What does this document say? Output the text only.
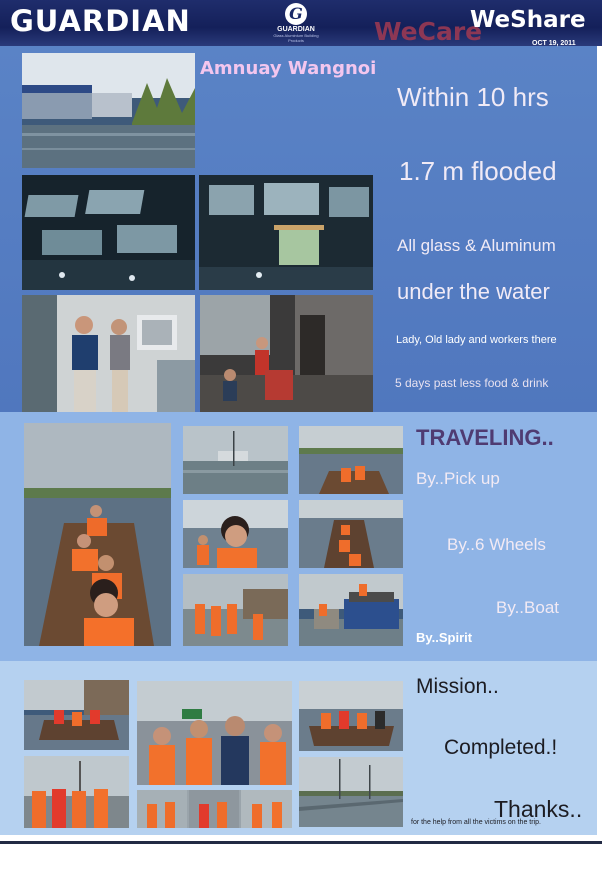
GUARDIAN	G
GUARDIAN
Glass Aluminium Building Products	WeCare
WeShare
OCT 19, 2011
Amnuay Wangnoi
Within 10 hrs
1.7 m flooded
All glass & Aluminum
under the water
Lady, Old lady and workers there
5 days past less food & drink
TRAVELING..
By..Pick up
By..6 Wheels
By..Boat
By..Spirit
Mission..
Completed.!
Thanks..
for the help from all the victims on the trip.
